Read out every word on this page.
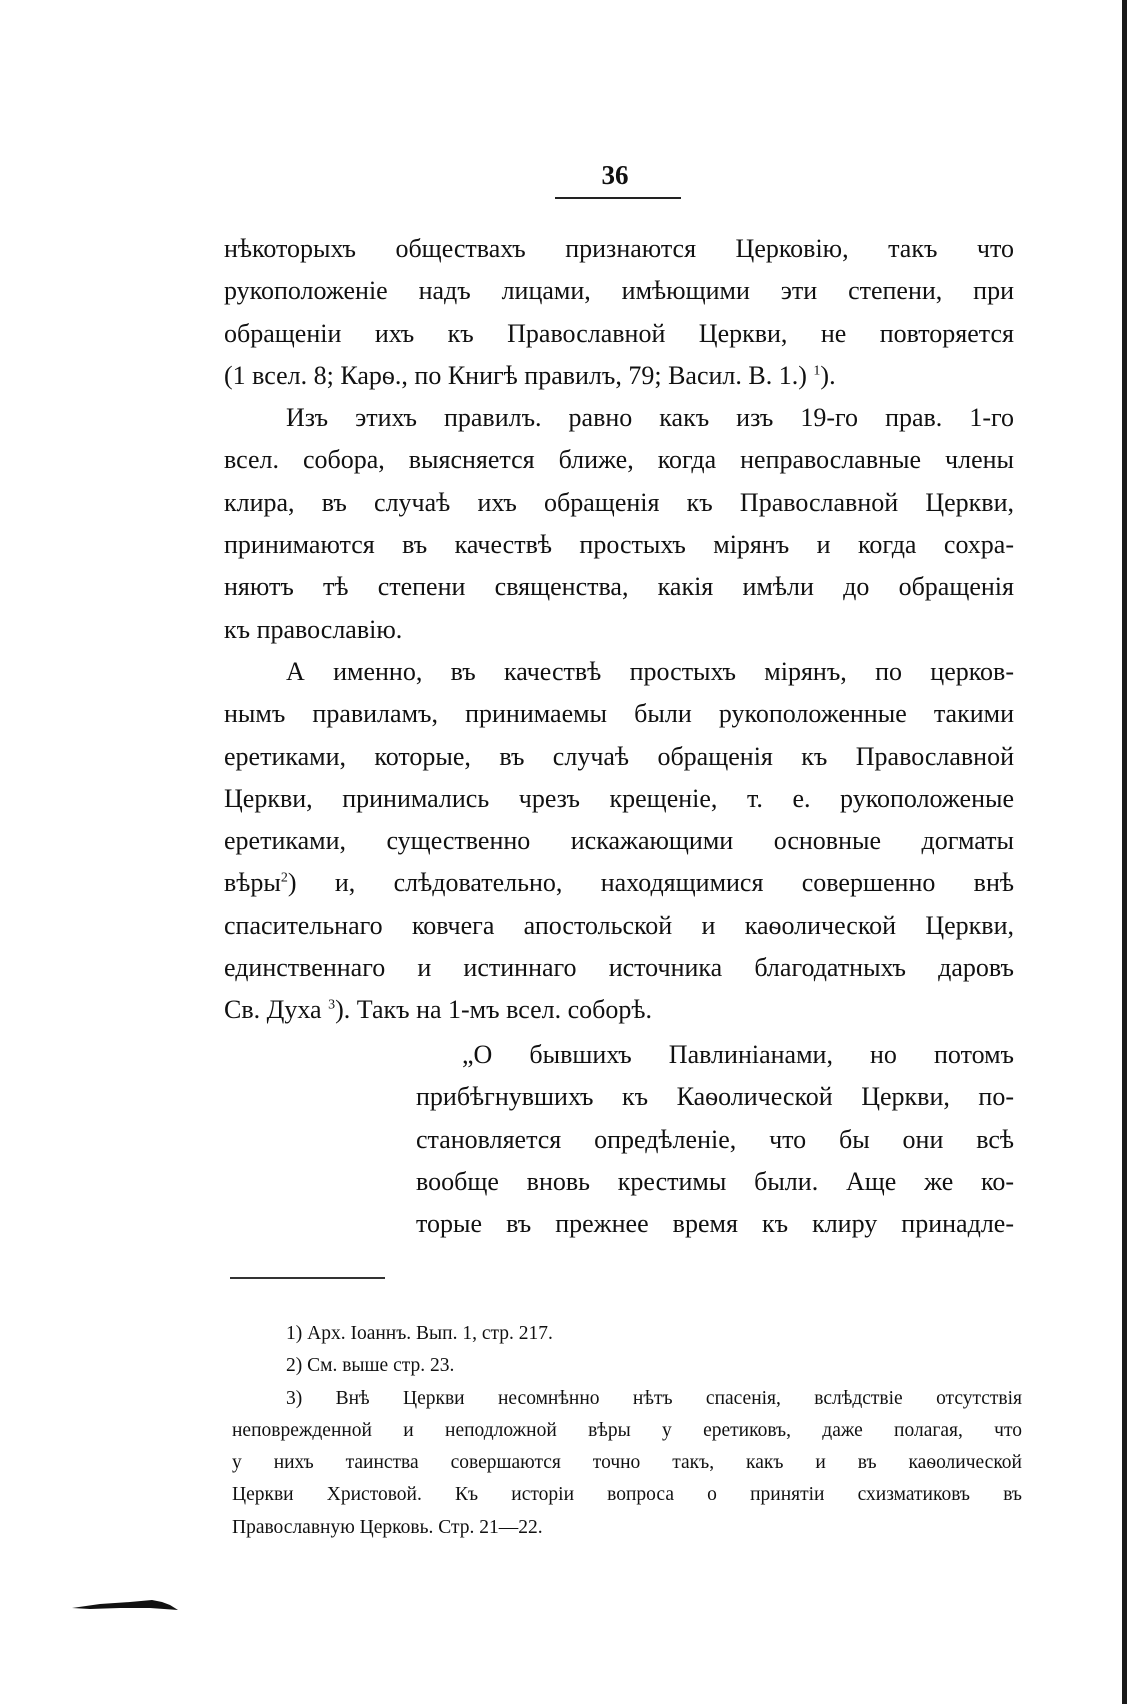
36
нѣкоторыхъ обществахъ признаются Церковію, такъ что
рукоположеніе надъ лицами, имѣющими эти степени, при
обращеніи ихъ къ Православной Церкви, не повторяется
(1 всел. 8; Карѳ., по Книгѣ правилъ, 79; Васил. В. 1.) $^1$).
Изъ этихъ правилъ. равно какъ изъ 19-го прав. 1-го
всел. собора, выясняется ближе, когда неправославные члены
клира, въ случаѣ ихъ обращенія къ Православной Церкви,
принимаются въ качествѣ простыхъ мірянъ и когда сохра-
няютъ тѣ степени священства, какія имѣли до обращенія
къ православію.
А именно, въ качествѣ простыхъ мірянъ, по церков-
нымъ правиламъ, принимаемы были рукоположенные такими
еретиками, которые, въ случаѣ обращенія къ Православной
Церкви, принимались чрезъ крещеніе, т. е. рукоположеные
еретиками, существенно искажающими основные догматы
вѣры$^2$) и, слѣдовательно, находящимися совершенно внѣ
спасительнаго ковчега апостольской и каѳолической Церкви,
единственнаго и истиннаго источника благодатныхъ даровъ
Св. Духа $^3$). Такъ на 1-мъ всел. соборѣ.
„О бывшихъ Павлиніанами, но потомъ
прибѣгнувшихъ къ Каѳолической Церкви, по-
становляется опредѣленіе, что бы они всѣ
вообще вновь крестимы были. Аще же ко-
торые въ прежнее время къ клиру принадле-
1) Арх. Іоаннъ. Вып. 1, стр. 217.
2) См. выше стр. 23.
3) Внѣ Церкви несомнѣнно нѣтъ спасенія, вслѣдствіе отсутствія
неповрежденной и неподложной вѣры у еретиковъ, даже полагая, что
у нихъ таинства совершаются точно такъ, какъ и въ каѳолической
Церкви Христовой. Къ исторіи вопроса о принятіи схизматиковъ въ
Православную Церковь. Стр. 21—22.
